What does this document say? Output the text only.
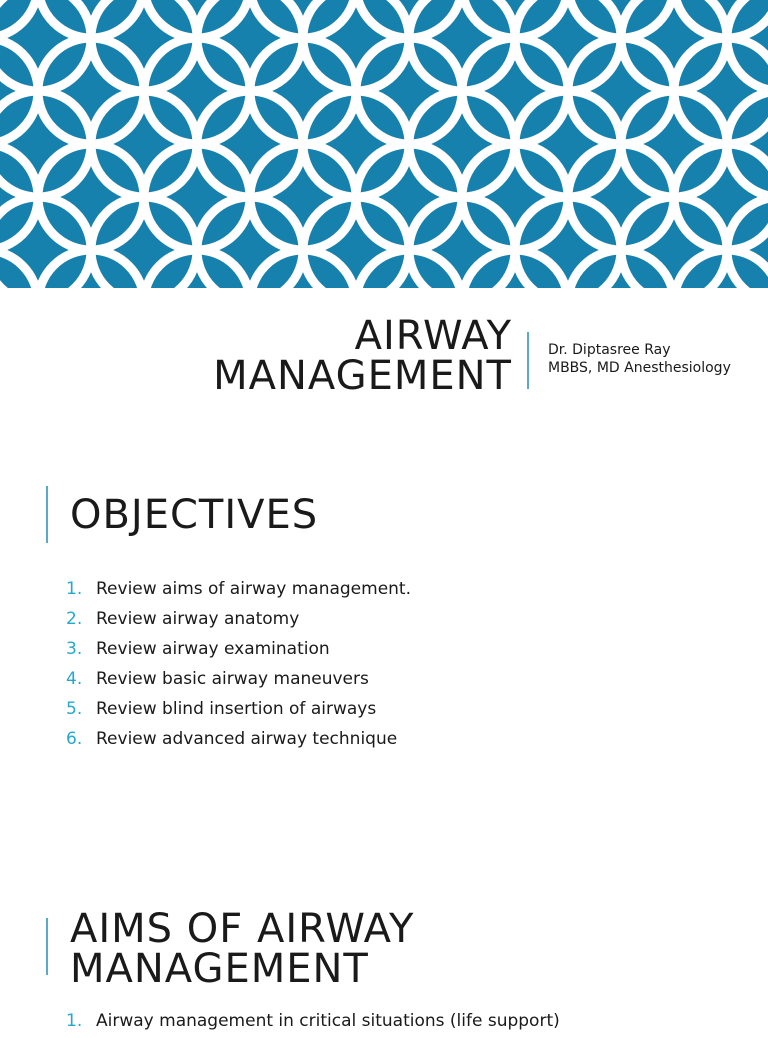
AIRWAY
MANAGEMENT
Dr. Diptasree Ray
MBBS, MD Anesthesiology
OBJECTIVES
1. Review aims of airway management.
2. Review airway anatomy
3. Review airway examination
4. Review basic airway maneuvers
5. Review blind insertion of airways
6. Review advanced airway technique
AIMS OF AIRWAY
MANAGEMENT
1. Airway management in critical situations (life support)
